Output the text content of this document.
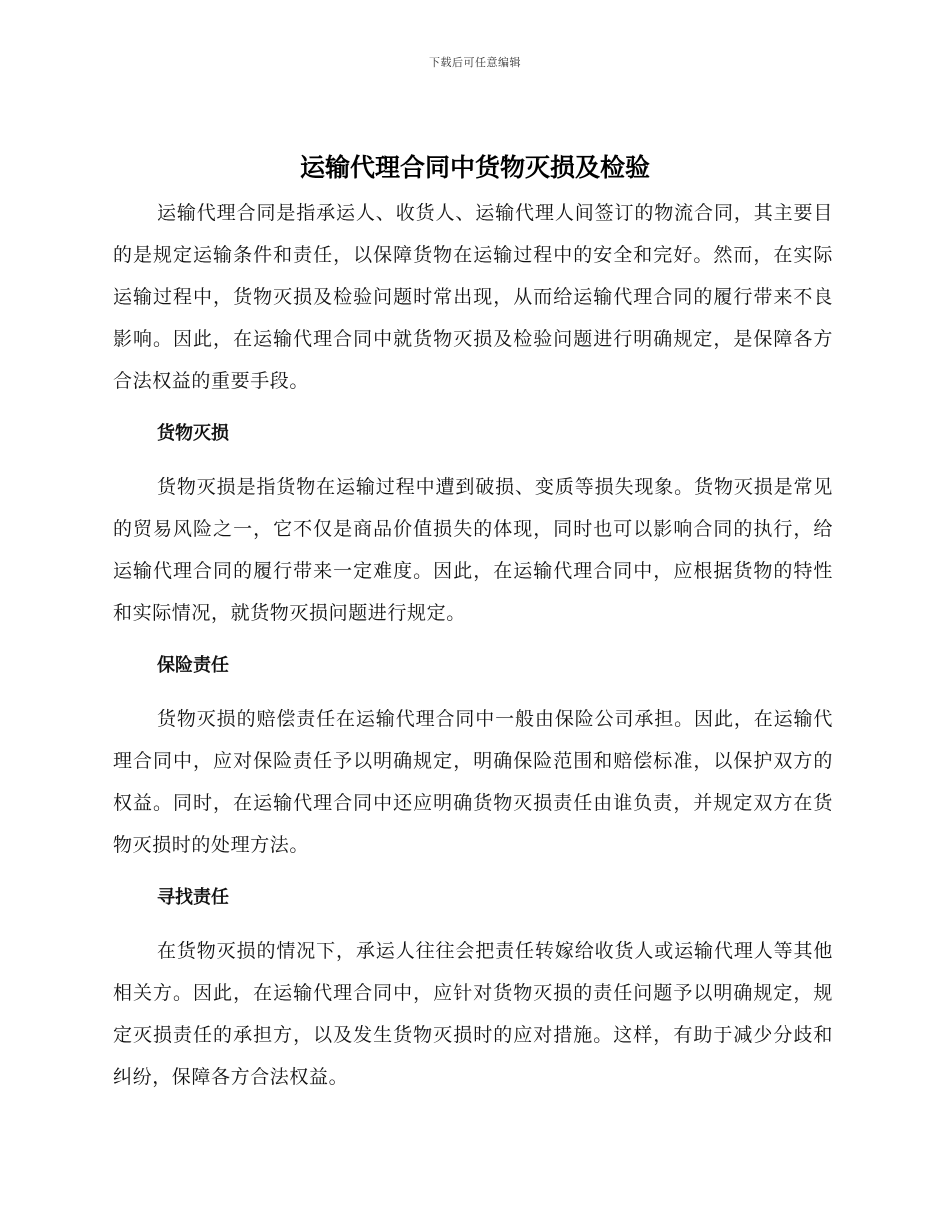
下载后可任意编辑
运输代理合同中货物灭损及检验

运输代理合同是指承运人、收货人、运输代理人间签订的物流合同，其主要目的是规定运输条件和责任，以保障货物在运输过程中的安全和完好。然而，在实际运输过程中，货物灭损及检验问题时常出现，从而给运输代理合同的履行带来不良影响。因此，在运输代理合同中就货物灭损及检验问题进行明确规定，是保障各方合法权益的重要手段。

货物灭损

货物灭损是指货物在运输过程中遭到破损、变质等损失现象。货物灭损是常见的贸易风险之一，它不仅是商品价值损失的体现，同时也可以影响合同的执行，给运输代理合同的履行带来一定难度。因此，在运输代理合同中，应根据货物的特性和实际情况，就货物灭损问题进行规定。

保险责任

货物灭损的赔偿责任在运输代理合同中一般由保险公司承担。因此，在运输代理合同中，应对保险责任予以明确规定，明确保险范围和赔偿标准，以保护双方的权益。同时，在运输代理合同中还应明确货物灭损责任由谁负责，并规定双方在货物灭损时的处理方法。

寻找责任

在货物灭损的情况下，承运人往往会把责任转嫁给收货人或运输代理人等其他相关方。因此，在运输代理合同中，应针对货物灭损的责任问题予以明确规定，规定灭损责任的承担方，以及发生货物灭损时的应对措施。这样，有助于减少分歧和纠纷，保障各方合法权益。
